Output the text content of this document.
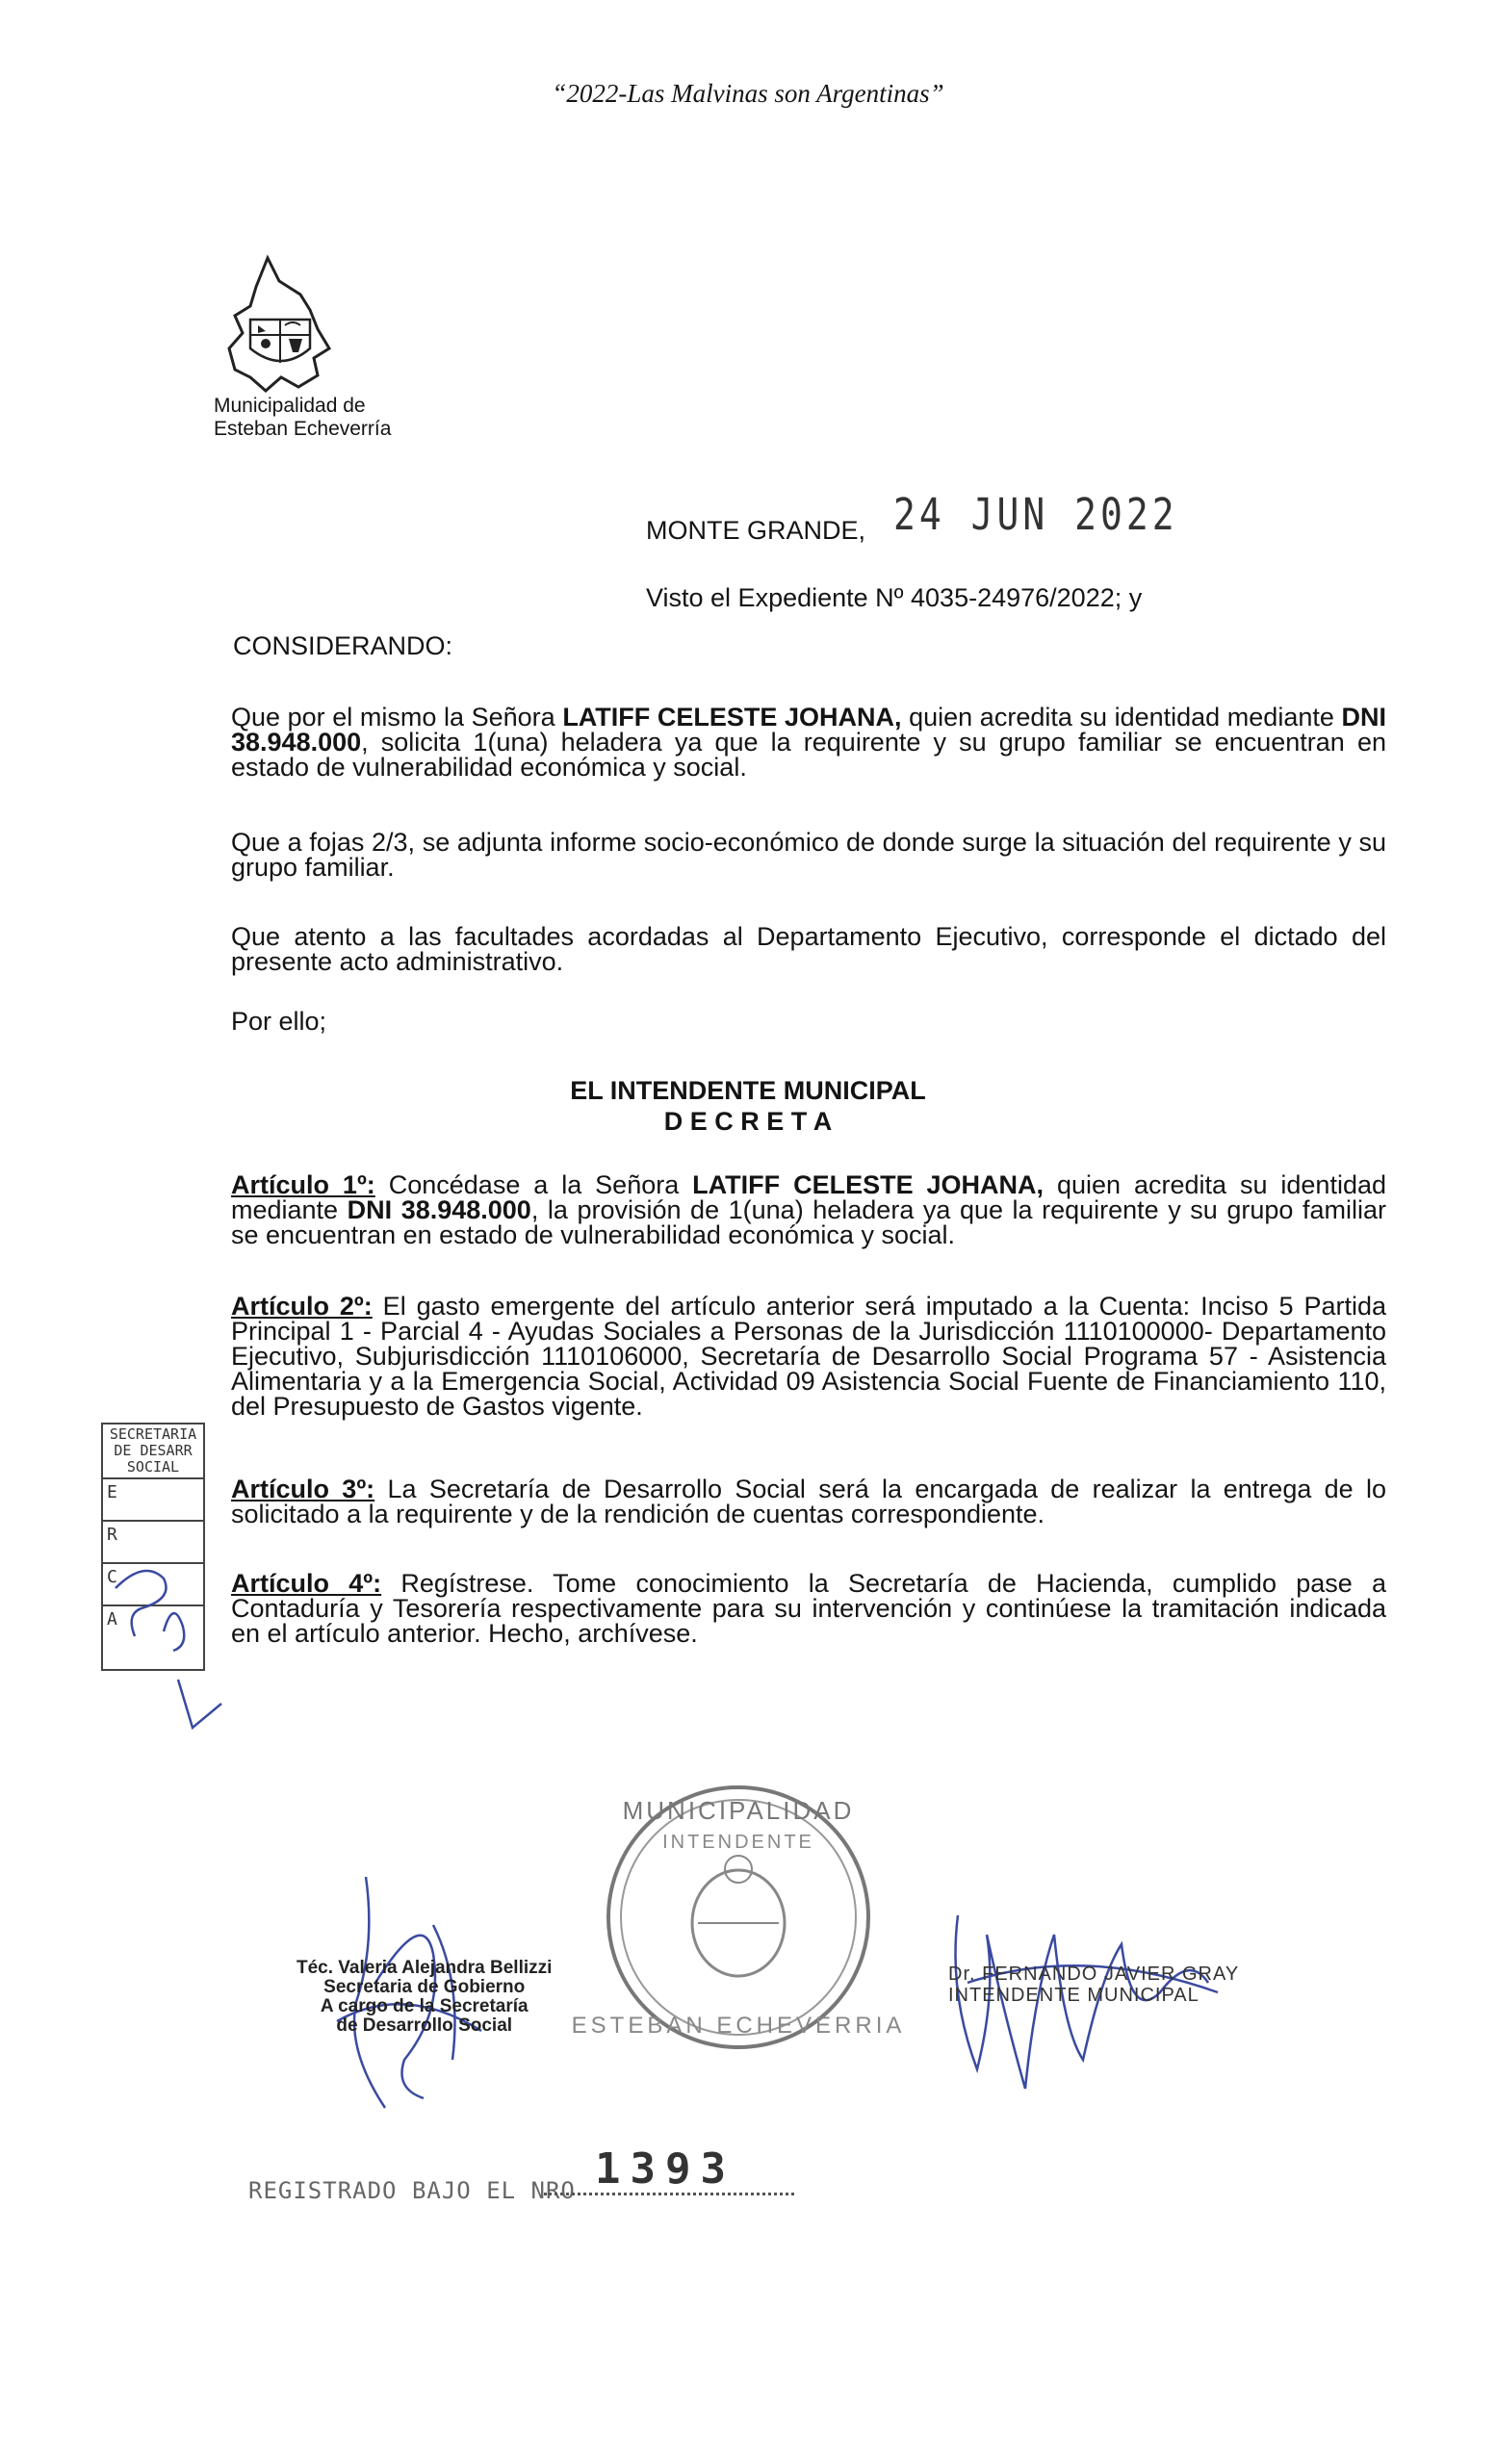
“2022-Las Malvinas son Argentinas”
Municipalidad de
Esteban Echeverría
MONTE GRANDE, 24 JUN 2022
Visto el Expediente Nº 4035-24976/2022; y
CONSIDERANDO:
Que por el mismo la Señora LATIFF CELESTE JOHANA, quien acredita su identidad mediante DNI 38.948.000, solicita 1(una) heladera ya que la requirente y su grupo familiar se encuentran en estado de vulnerabilidad económica y social.
Que a fojas 2/3, se adjunta informe socio-económico de donde surge la situación del requirente y su grupo familiar.
Que atento a las facultades acordadas al Departamento Ejecutivo, corresponde el dictado del presente acto administrativo.
Por ello;
EL INTENDENTE MUNICIPAL
D E C R E T A
Artículo 1º: Concédase a la Señora LATIFF CELESTE JOHANA, quien acredita su identidad mediante DNI 38.948.000, la provisión de 1(una) heladera ya que la requirente y su grupo familiar se encuentran en estado de vulnerabilidad económica y social.
Artículo 2º: El gasto emergente del artículo anterior será imputado a la Cuenta: Inciso 5 Partida Principal 1 - Parcial 4 - Ayudas Sociales a Personas de la Jurisdicción 1110100000- Departamento Ejecutivo, Subjurisdicción 1110106000, Secretaría de Desarrollo Social Programa 57 - Asistencia Alimentaria y a la Emergencia Social, Actividad 09 Asistencia Social Fuente de Financiamiento 110, del Presupuesto de Gastos vigente.
Artículo 3º: La Secretaría de Desarrollo Social será la encargada de realizar la entrega de lo solicitado a la requirente y de la rendición de cuentas correspondiente.
Artículo 4º: Regístrese. Tome conocimiento la Secretaría de Hacienda, cumplido pase a Contaduría y Tesorería respectivamente para su intervención y continúese la tramitación indicada en el artículo anterior. Hecho, archívese.
SECRETARIA
DE DESARR
SOCIAL
E
R
C
A
Téc. Valeria Alejandra Bellizzi
Secretaria de Gobierno
A cargo de la Secretaría
de Desarrollo Social
MUNICIPALIDAD
INTENDENTE
ESTEBAN ECHEVERRIA
Dr. FERNANDO JAVIER GRAY
INTENDENTE MUNICIPAL
REGISTRADO BAJO EL NRO 1393
